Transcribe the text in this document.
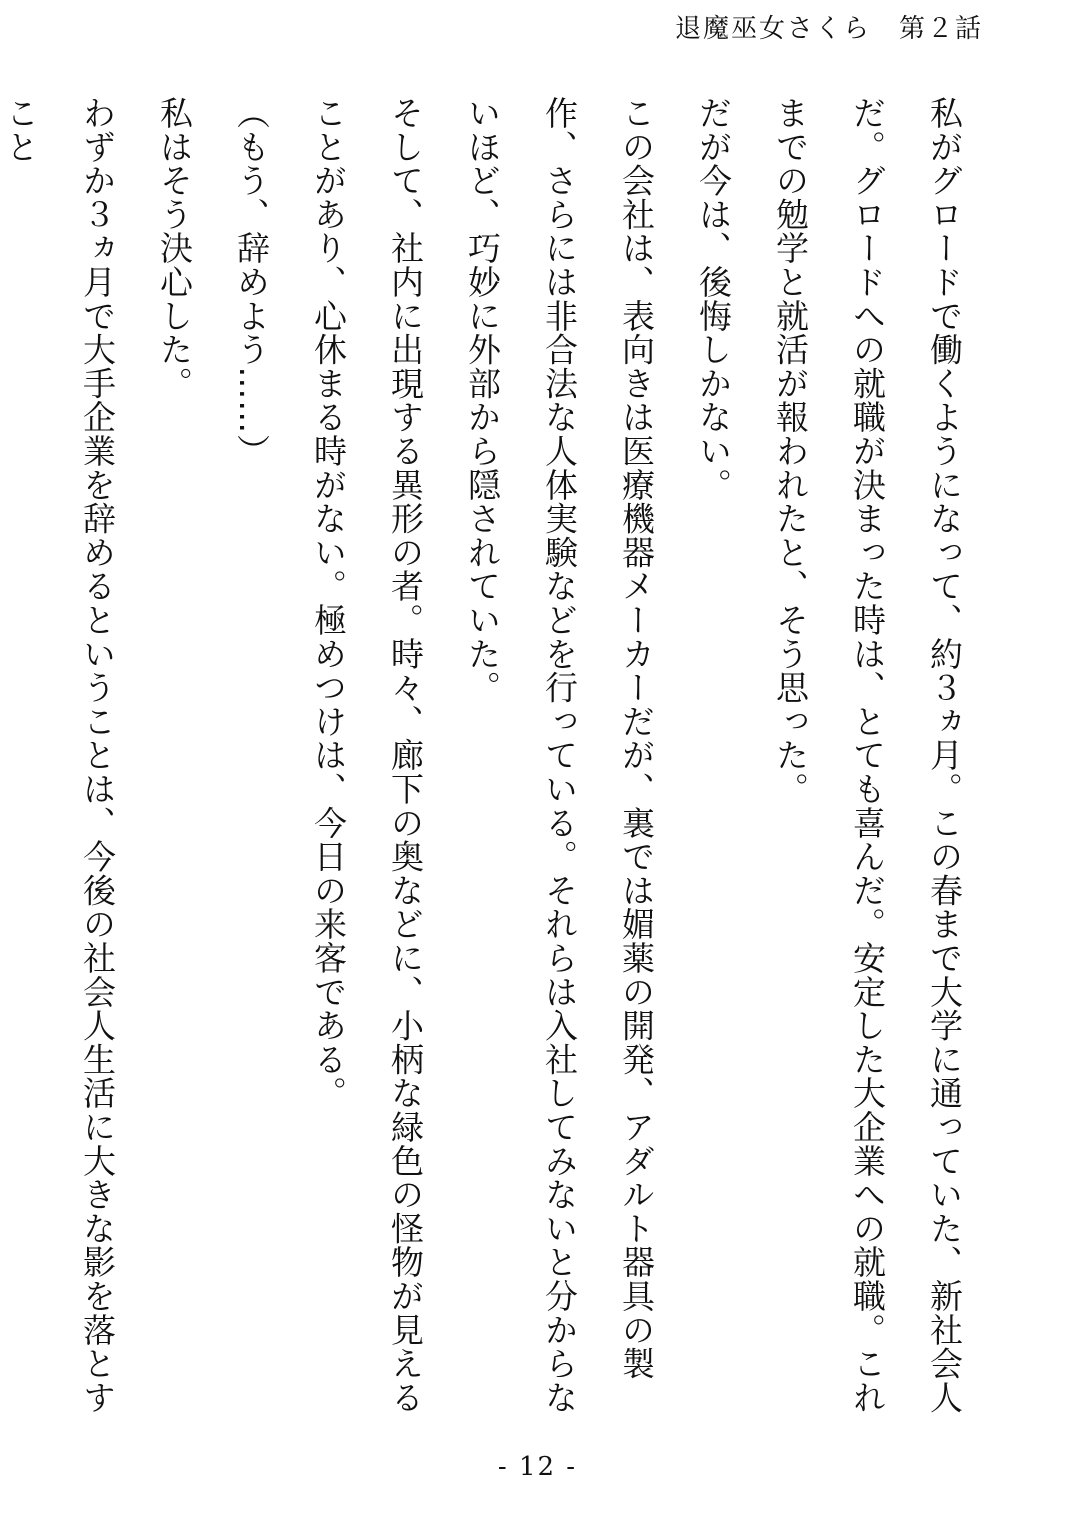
退魔巫女さくら　第２話

私がグロードで働くようになって、約３ヵ月。この春まで大学に通っていた、新社会人だ。グロードへの就職が決まった時は、とても喜んだ。安定した大企業への就職。これまでの勉学と就活が報われたと、そう思った。

だが今は、後悔しかない。

この会社は、表向きは医療機器メーカーだが、裏では媚薬の開発、アダルト器具の製作、さらには非合法な人体実験などを行っている。それらは入社してみないと分からないほど、巧妙に外部から隠されていた。

そして、社内に出現する異形の者。時々、廊下の奥などに、小柄な緑色の怪物が見えることがあり、心休まる時がない。極めつけは、今日の来客である。

（もう、辞めよう……）

私はそう決心した。

わずか３ヵ月で大手企業を辞めるということは、今後の社会人生活に大きな影を落とすこと

- 12 -
